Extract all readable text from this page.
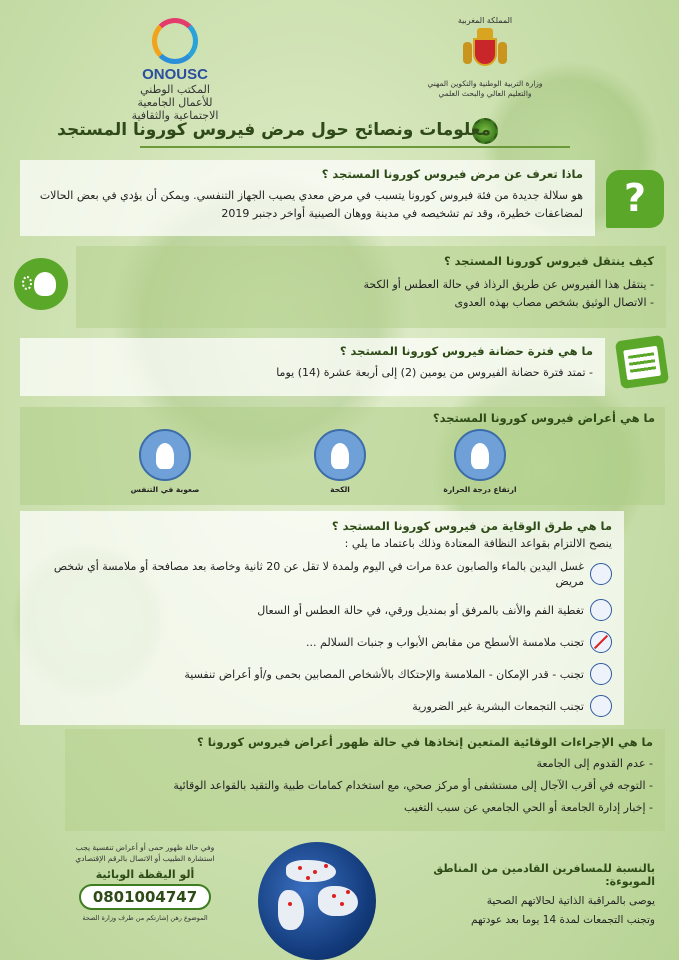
ONOUSC
المكتب الوطني
للأعمال الجامعية
الاجتماعية والثقافية
المملكة المغربية
وزارة التربية الوطنية والتكوين المهني
والتعليم العالي والبحث العلمي
معلومات ونصائح حول مرض فيروس كورونا المستجد
ماذا تعرف عن مرض فيروس كورونا المستجد ؟
هو سلالة جديدة من فئة فيروس كورونا يتسبب في مرض معدي يصيب الجهاز التنفسي. ويمكن أن يؤدي في بعض الحالات لمضاعفات خطيرة، وقد تم تشخيصه في مدينة ووهان الصينية أواخر دجنبر 2019	?
كيف ينتقل فيروس كورونا المستجد ؟
- ينتقل هذا الفيروس عن طريق الرذاذ في حالة العطس أو الكحة
- الاتصال الوثيق بشخص مصاب بهذه العدوى
ما هي فترة حضانة فيروس كورونا المستجد ؟
- تمتد فترة حضانة الفيروس من يومين (2) إلى أربعة عشرة (14) يوما
ما هي أعراض فيروس كورونا المستجد؟
ارتفاع درجة الحرارة
الكحة
صعوبة في التنفس
ما هي طرق الوقاية من فيروس كورونا المستجد ؟
ينصح الالتزام بقواعد النظافة المعتادة وذلك باعتماد ما يلي :
غسل اليدين بالماء والصابون عدة مرات في اليوم ولمدة لا تقل عن 20 ثانية وخاصة بعد مصافحة أو ملامسة أي شخص مريض
تغطية الفم والأنف بالمرفق أو بمنديل ورقي، في حالة العطس أو السعال
تجنب ملامسة الأسطح من مقابض الأبواب و جنبات السلالم ...
تجنب - قدر الإمكان - الملامسة والإحتكاك بالأشخاص المصابين بحمى و/أو أعراض تنفسية
تجنب التجمعات البشرية غير الضرورية
ما هي الإجراءات الوقائية المتعين إتخاذها في حالة ظهور أعراض فيروس كورونا ؟
- عدم القدوم إلى الجامعة
- التوجه في أقرب الآجال إلى مستشفى أو مركز صحي، مع استخدام كمامات طبية والتقيد بالقواعد الوقائية
- إخبار إدارة الجامعة أو الحي الجامعي عن سبب التغيب
وفي حالة ظهور حمى أو أعراض تنفسية يجب استشارة الطبيب أو الاتصال بالرقم الإقتصادي
ألو اليقظة الوبائية
0801004747
الموضوع رهن إشارتكم من طرف وزارة الصحة
بالنسبة للمسافرين القادمين من المناطق الموبوءة:
يوصى بالمراقبة الذاتية لحالاتهم الصحية
وتجنب التجمعات لمدة 14 يوما بعد عودتهم
